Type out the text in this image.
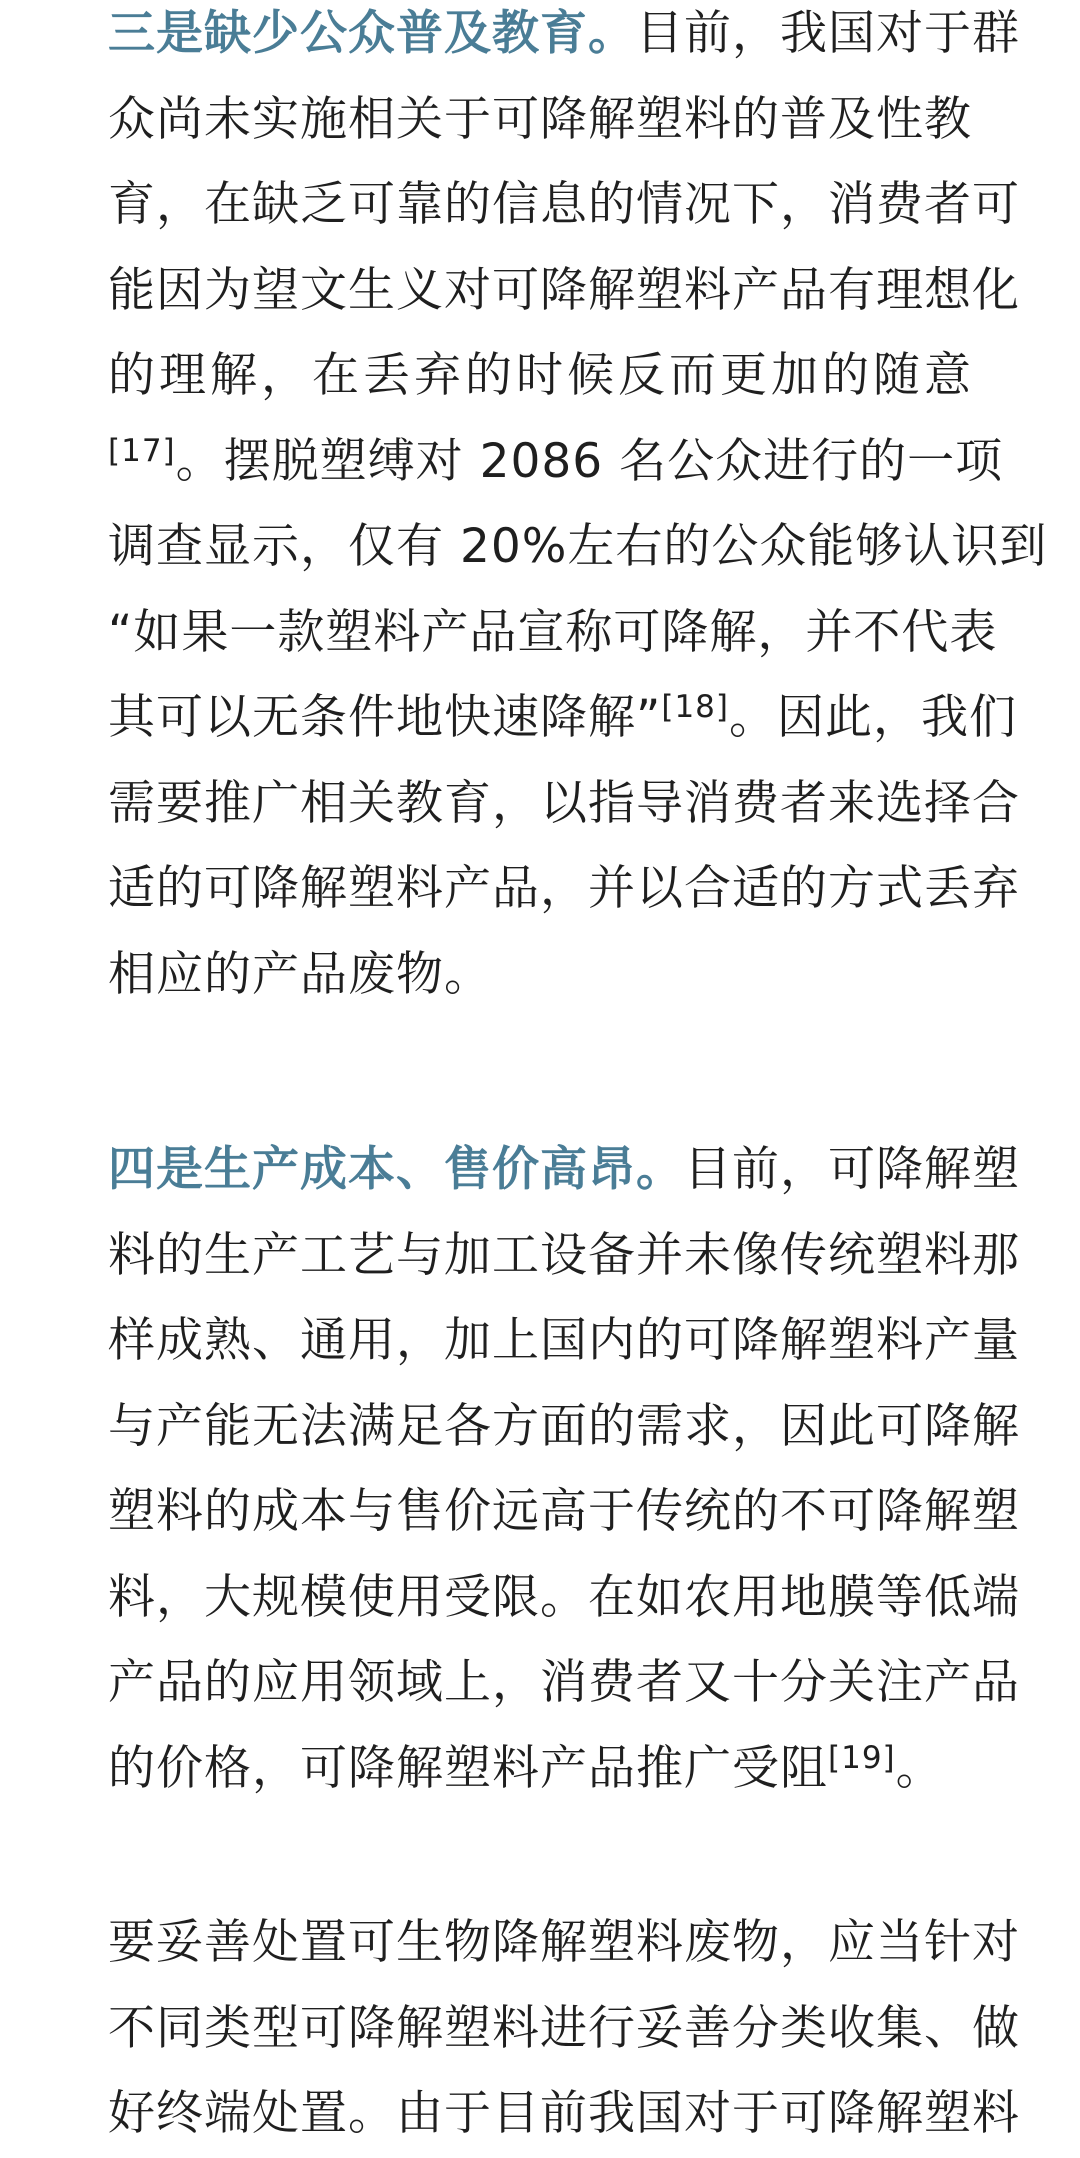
三是缺少公众普及教育。目前，我国对于群
众尚未实施相关于可降解塑料的普及性教
育，在缺乏可靠的信息的情况下，消费者可
能因为望文生义对可降解塑料产品有理想化
的理解，在丢弃的时候反而更加的随意
[17]。摆脱塑缚对 2086 名公众进行的一项
调查显示，仅有 20%左右的公众能够认识到
“如果一款塑料产品宣称可降解，并不代表
其可以无条件地快速降解”[18]。因此，我们
需要推广相关教育，以指导消费者来选择合
适的可降解塑料产品，并以合适的方式丢弃
相应的产品废物。
四是生产成本、售价高昂。目前，可降解塑
料的生产工艺与加工设备并未像传统塑料那
样成熟、通用，加上国内的可降解塑料产量
与产能无法满足各方面的需求，因此可降解
塑料的成本与售价远高于传统的不可降解塑
料，大规模使用受限。在如农用地膜等低端
产品的应用领域上，消费者又十分关注产品
的价格，可降解塑料产品推广受阻[19]。
要妥善处置可生物降解塑料废物，应当针对
不同类型可降解塑料进行妥善分类收集、做
好终端处置。由于目前我国对于可降解塑料
